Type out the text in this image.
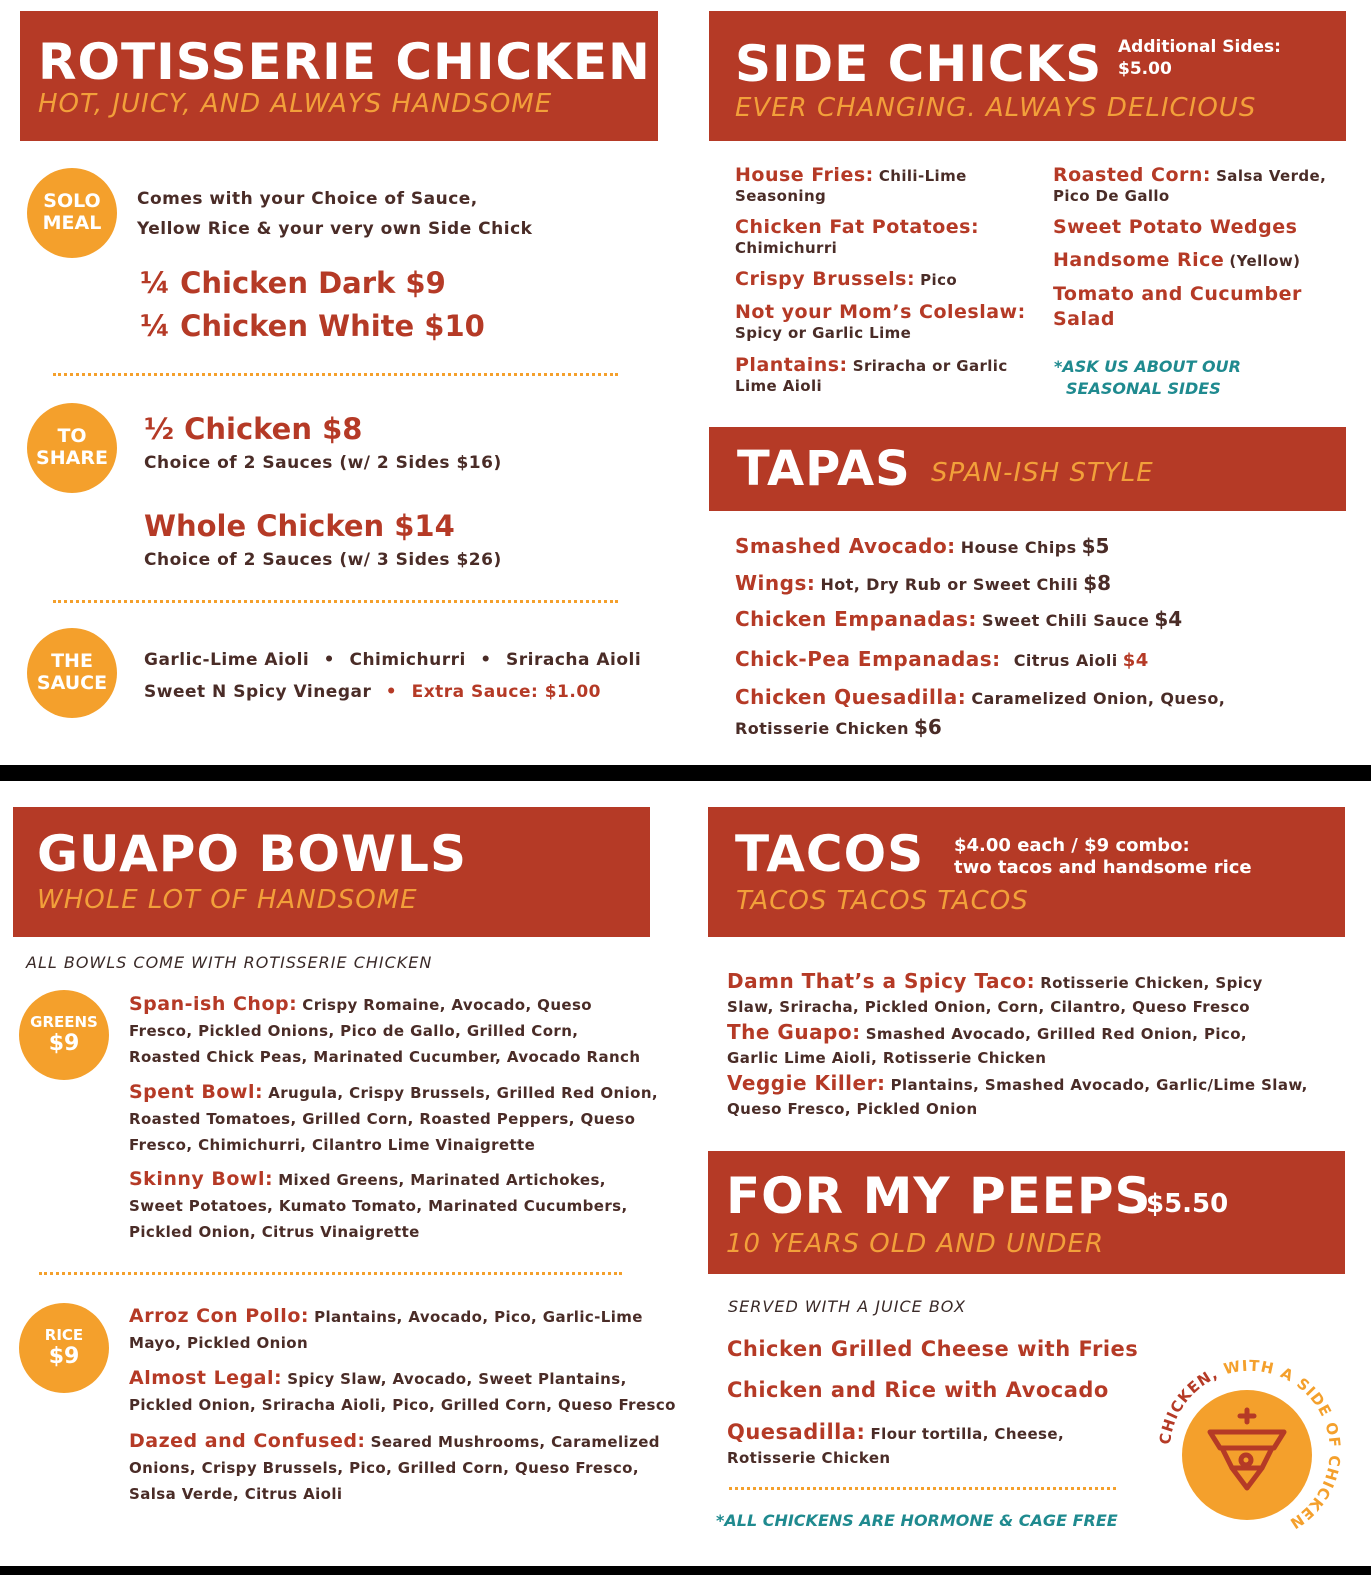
ROTISSERIE CHICKEN
HOT, JUICY, AND ALWAYS HANDSOME
SOLO
MEAL
Comes with your Choice of Sauce,
Yellow Rice & your very own Side Chick
¼ Chicken Dark $9
¼ Chicken White $10
TO
SHARE
½ Chicken $8
Choice of 2 Sauces (w/ 2 Sides $16)
Whole Chicken $14
Choice of 2 Sauces (w/ 3 Sides $26)
THE
SAUCE
Garlic-Lime Aioli • Chimichurri • Sriracha Aioli
Sweet N Spicy Vinegar • Extra Sauce: $1.00
SIDE CHICKS Additional Sides:
$5.00
EVER CHANGING. ALWAYS DELICIOUS
House Fries: Chili-Lime
Seasoning
Chicken Fat Potatoes:
Chimichurri
Crispy Brussels: Pico
Not your Mom’s Coleslaw:
Spicy or Garlic Lime
Plantains: Sriracha or Garlic
Lime Aioli
Roasted Corn: Salsa Verde,
Pico De Gallo
Sweet Potato Wedges
Handsome Rice (Yellow)
Tomato and Cucumber
Salad
*ASK US ABOUT OUR
SEASONAL SIDES
TAPAS SPAN-ISH STYLE
Smashed Avocado: House Chips $5
Wings: Hot, Dry Rub or Sweet Chili $8
Chicken Empanadas: Sweet Chili Sauce $4
Chick-Pea Empanadas: Citrus Aioli $4
Chicken Quesadilla: Caramelized Onion, Queso,
Rotisserie Chicken $6
GUAPO BOWLS
WHOLE LOT OF HANDSOME
ALL BOWLS COME WITH ROTISSERIE CHICKEN
GREENS
$9
Span-ish Chop: Crispy Romaine, Avocado, Queso
Fresco, Pickled Onions, Pico de Gallo, Grilled Corn,
Roasted Chick Peas, Marinated Cucumber, Avocado Ranch
Spent Bowl: Arugula, Crispy Brussels, Grilled Red Onion,
Roasted Tomatoes, Grilled Corn, Roasted Peppers, Queso
Fresco, Chimichurri, Cilantro Lime Vinaigrette
Skinny Bowl: Mixed Greens, Marinated Artichokes,
Sweet Potatoes, Kumato Tomato, Marinated Cucumbers,
Pickled Onion, Citrus Vinaigrette
RICE
$9
Arroz Con Pollo: Plantains, Avocado, Pico, Garlic-Lime
Mayo, Pickled Onion
Almost Legal: Spicy Slaw, Avocado, Sweet Plantains,
Pickled Onion, Sriracha Aioli, Pico, Grilled Corn, Queso Fresco
Dazed and Confused: Seared Mushrooms, Caramelized
Onions, Crispy Brussels, Pico, Grilled Corn, Queso Fresco,
Salsa Verde, Citrus Aioli
TACOS $4.00 each / $9 combo:
two tacos and handsome rice
TACOS TACOS TACOS
Damn That’s a Spicy Taco: Rotisserie Chicken, Spicy
Slaw, Sriracha, Pickled Onion, Corn, Cilantro, Queso Fresco
The Guapo: Smashed Avocado, Grilled Red Onion, Pico,
Garlic Lime Aioli, Rotisserie Chicken
Veggie Killer: Plantains, Smashed Avocado, Garlic/Lime Slaw,
Queso Fresco, Pickled Onion
FOR MY PEEPS
$5.50
10 YEARS OLD AND UNDER
SERVED WITH A JUICE BOX
Chicken Grilled Cheese with Fries
Chicken and Rice with Avocado
Quesadilla: Flour tortilla, Cheese,
Rotisserie Chicken
*ALL CHICKENS ARE HORMONE & CAGE FREE
CHICKEN, WITH A SIDE OF CHICKEN
